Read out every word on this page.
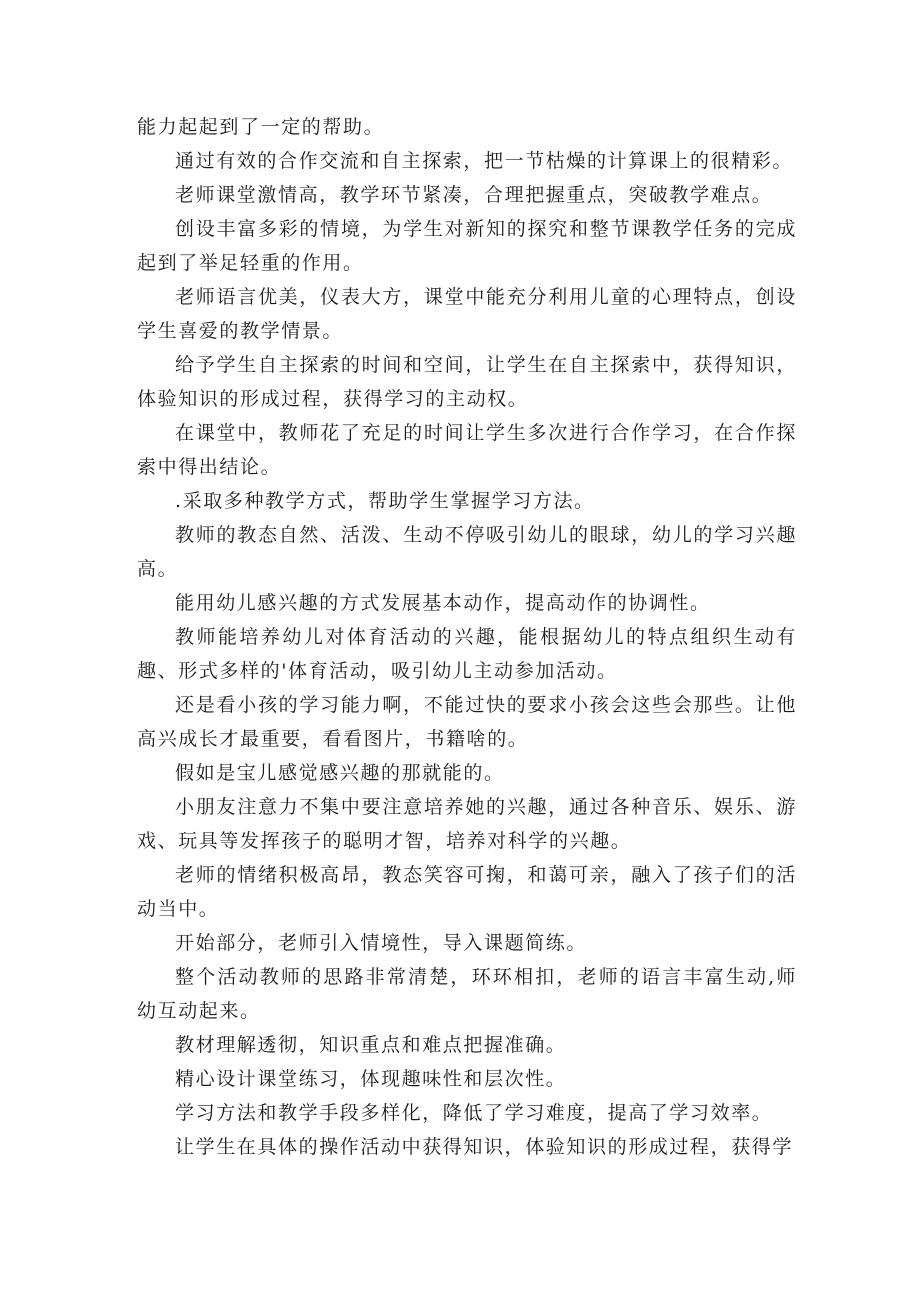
能力起起到了一定的帮助。

通过有效的合作交流和自主探索，把一节枯燥的计算课上的很精彩。

老师课堂激情高，教学环节紧凑，合理把握重点，突破教学难点。

创设丰富多彩的情境，为学生对新知的探究和整节课教学任务的完成起到了举足轻重的作用。

老师语言优美，仪表大方，课堂中能充分利用儿童的心理特点，创设学生喜爱的教学情景。

给予学生自主探索的时间和空间，让学生在自主探索中，获得知识，体验知识的形成过程，获得学习的主动权。

在课堂中，教师花了充足的时间让学生多次进行合作学习，在合作探索中得出结论。

.采取多种教学方式，帮助学生掌握学习方法。

教师的教态自然、活泼、生动不停吸引幼儿的眼球，幼儿的学习兴趣高。

能用幼儿感兴趣的方式发展基本动作，提高动作的协调性。

教师能培养幼儿对体育活动的兴趣，能根据幼儿的特点组织生动有趣、形式多样的'体育活动，吸引幼儿主动参加活动。

还是看小孩的学习能力啊，不能过快的要求小孩会这些会那些。让他高兴成长才最重要，看看图片，书籍啥的。

假如是宝儿感觉感兴趣的那就能的。

小朋友注意力不集中要注意培养她的兴趣，通过各种音乐、娱乐、游戏、玩具等发挥孩子的聪明才智，培养对科学的兴趣。

老师的情绪积极高昂，教态笑容可掬，和蔼可亲，融入了孩子们的活动当中。

开始部分，老师引入情境性，导入课题简练。

整个活动教师的思路非常清楚，环环相扣，老师的语言丰富生动,师幼互动起来。

教材理解透彻，知识重点和难点把握准确。

精心设计课堂练习，体现趣味性和层次性。

学习方法和教学手段多样化，降低了学习难度，提高了学习效率。

让学生在具体的操作活动中获得知识，体验知识的形成过程，获得学
